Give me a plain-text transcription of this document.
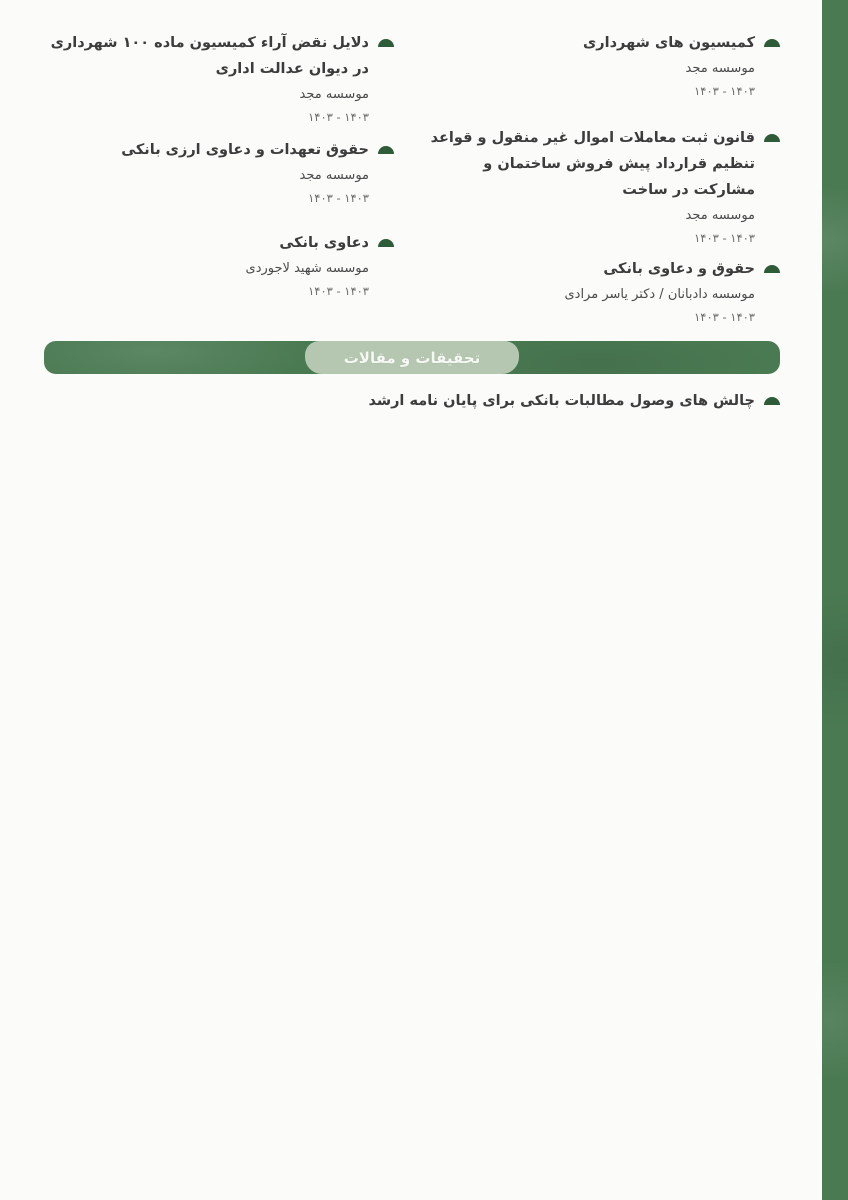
کمیسیون های شهرداری
موسسه مجد
۱۴۰۳ - ۱۴۰۳
قانون ثبت معاملات اموال غیر منقول و قواعد تنظیم قرارداد پیش فروش ساختمان و مشارکت در ساخت
موسسه مجد
۱۴۰۳ - ۱۴۰۳
حقوق و دعاوی بانکی
موسسه دادبانان / دکتر یاسر مرادی
۱۴۰۳ - ۱۴۰۳
دلایل نقض آراء کمیسیون ماده ۱۰۰ شهرداری در دیوان عدالت اداری
موسسه مجد
۱۴۰۳ - ۱۴۰۳
حقوق تعهدات و دعاوی ارزی بانکی
موسسه مجد
۱۴۰۳ - ۱۴۰۳
دعاوی بانکی
موسسه شهید لاجوردی
۱۴۰۳ - ۱۴۰۳
تحقیقات و مقالات
چالش های وصول مطالبات بانکی برای پایان نامه ارشد
